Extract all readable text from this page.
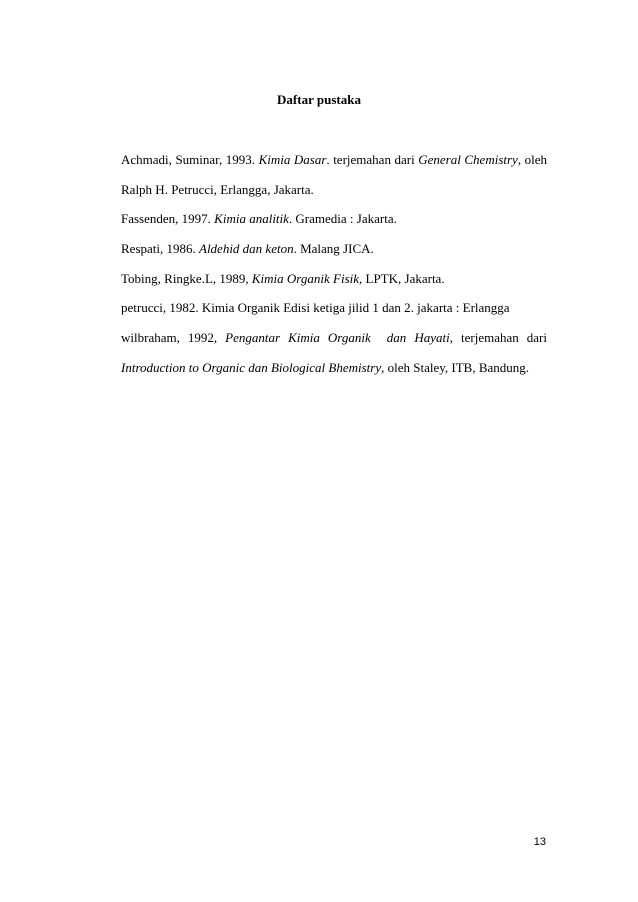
Daftar pustaka
Achmadi, Suminar, 1993. Kimia Dasar. terjemahan dari General Chemistry, oleh
Ralph H. Petrucci, Erlangga, Jakarta.
Fassenden, 1997. Kimia analitik. Gramedia : Jakarta.
Respati, 1986. Aldehid dan keton. Malang JICA.
Tobing, Ringke.L, 1989, Kimia Organik Fisik, LPTK, Jakarta.
petrucci, 1982. Kimia Organik Edisi ketiga jilid 1 dan 2. jakarta : Erlangga
wilbraham, 1992, Pengantar Kimia Organik  dan Hayati, terjemahan dari
Introduction to Organic dan Biological Bhemistry, oleh Staley, ITB, Bandung.
13
